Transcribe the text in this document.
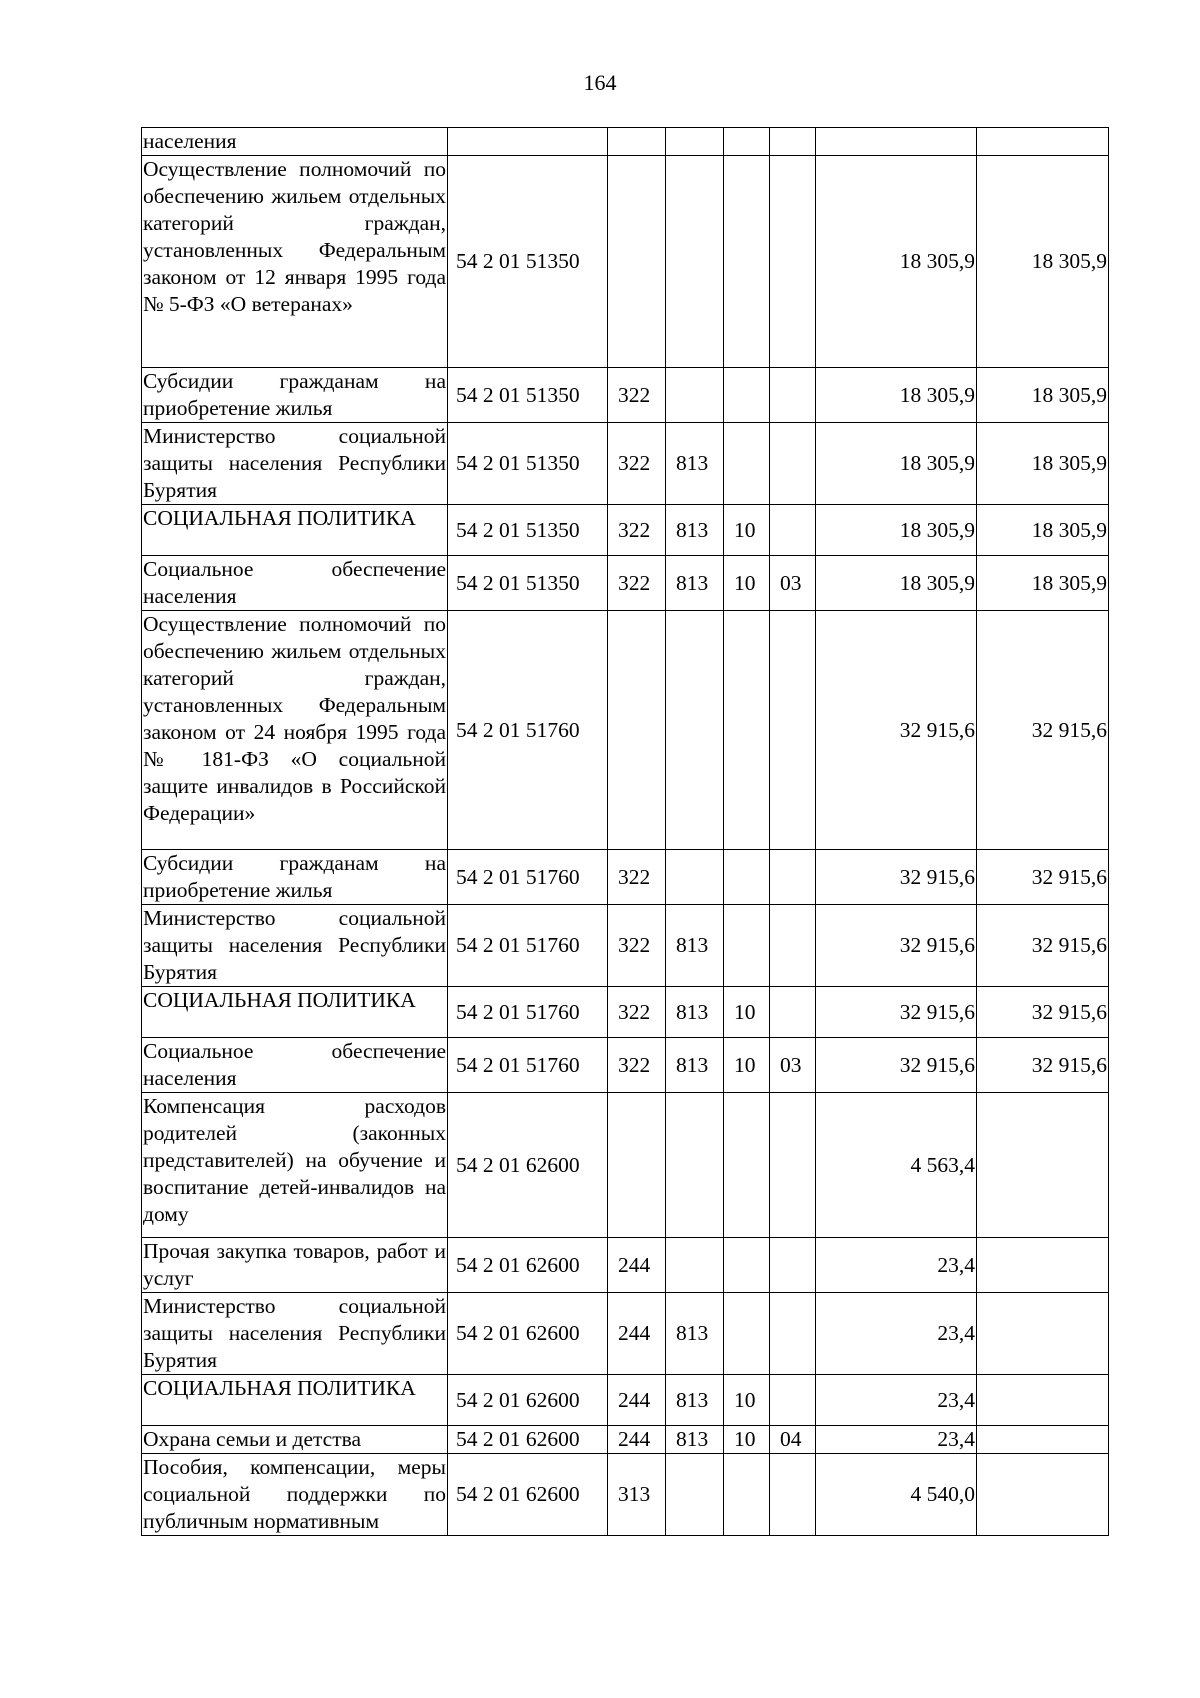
164
населения							
Осуществление полномочий по обеспечению жильем отдельных категорий граждан, установленных Федеральным законом от 12 января 1995 года № 5-ФЗ «О ветеранах»	54 2 01 51350					18 305,9	18 305,9
Субсидии гражданам на приобретение жилья	54 2 01 51350	322				18 305,9	18 305,9
Министерство социальной защиты населения Республики Бурятия	54 2 01 51350	322	813			18 305,9	18 305,9
СОЦИАЛЬНАЯ ПОЛИТИКА	54 2 01 51350	322	813	10		18 305,9	18 305,9
Социальное обеспечение населения	54 2 01 51350	322	813	10	03	18 305,9	18 305,9
Осуществление полномочий по обеспечению жильем отдельных категорий граждан, установленных Федеральным законом от 24 ноября 1995 года № 181-ФЗ «О социальной защите инвалидов в Российской Федерации»	54 2 01 51760					32 915,6	32 915,6
Субсидии гражданам на приобретение жилья	54 2 01 51760	322				32 915,6	32 915,6
Министерство социальной защиты населения Республики Бурятия	54 2 01 51760	322	813			32 915,6	32 915,6
СОЦИАЛЬНАЯ ПОЛИТИКА	54 2 01 51760	322	813	10		32 915,6	32 915,6
Социальное обеспечение населения	54 2 01 51760	322	813	10	03	32 915,6	32 915,6
Компенсация расходов родителей (законных представителей) на обучение и воспитание детей-инвалидов на дому	54 2 01 62600					4 563,4	
Прочая закупка товаров, работ и услуг	54 2 01 62600	244				23,4	
Министерство социальной защиты населения Республики Бурятия	54 2 01 62600	244	813			23,4	
СОЦИАЛЬНАЯ ПОЛИТИКА	54 2 01 62600	244	813	10		23,4	
Охрана семьи и детства	54 2 01 62600	244	813	10	04	23,4	
Пособия, компенсации, меры социальной поддержки по публичным нормативным	54 2 01 62600	313				4 540,0	
